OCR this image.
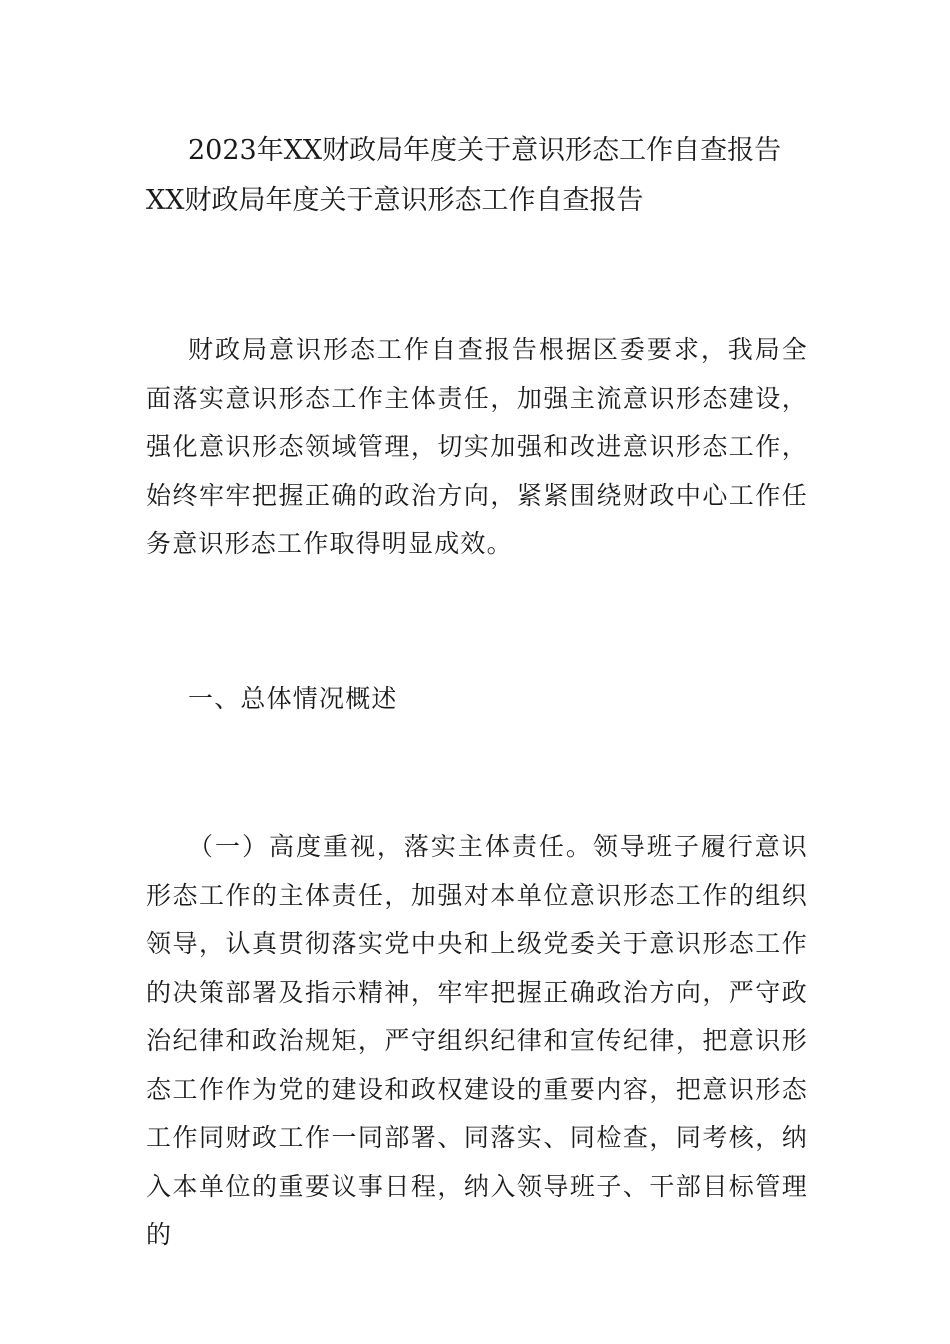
2023年XX财政局年度关于意识形态工作自查报告
XX财政局年度关于意识形态工作自查报告

财政局意识形态工作自查报告根据区委要求，我局全面落实意识形态工作主体责任，加强主流意识形态建设，强化意识形态领域管理，切实加强和改进意识形态工作，始终牢牢把握正确的政治方向，紧紧围绕财政中心工作任务意识形态工作取得明显成效。

一、总体情况概述

（一）高度重视，落实主体责任。领导班子履行意识形态工作的主体责任，加强对本单位意识形态工作的组织领导，认真贯彻落实党中央和上级党委关于意识形态工作的决策部署及指示精神，牢牢把握正确政治方向，严守政治纪律和政治规矩，严守组织纪律和宣传纪律，把意识形态工作作为党的建设和政权建设的重要内容，把意识形态工作同财政工作一同部署、同落实、同检查，同考核，纳入本单位的重要议事日程，纳入领导班子、干部目标管理的
